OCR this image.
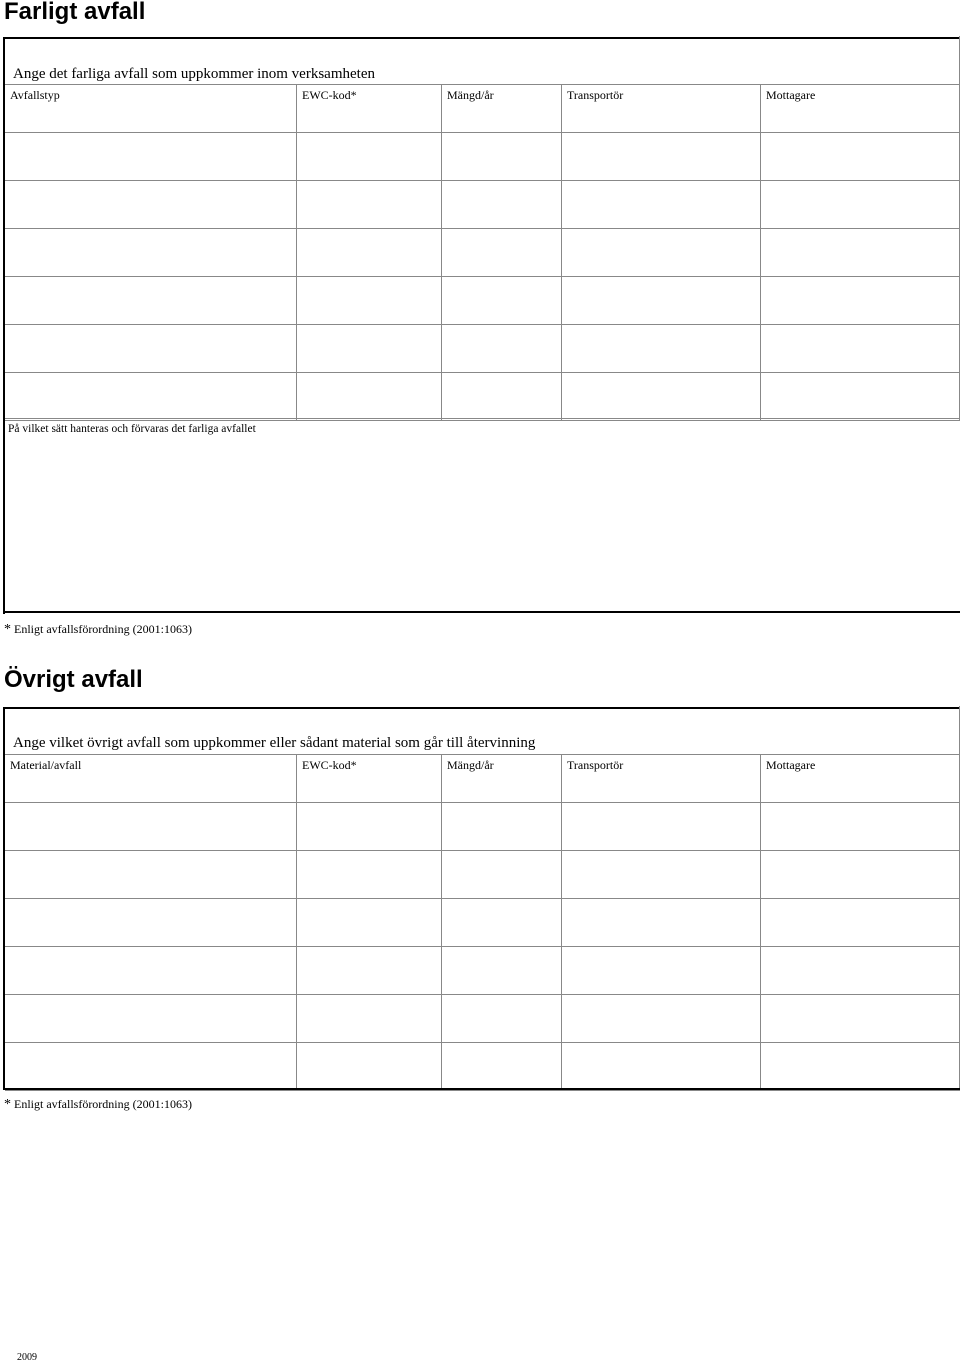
Farligt avfall
Ange det farliga avfall som uppkommer inom verksamheten
Avfallstyp	EWC-kod*	Mängd/år	Transportör	Mottagare
På vilket sätt hanteras och förvaras det farliga avfallet
* Enligt avfallsförordning (2001:1063)
Övrigt avfall
Ange vilket övrigt avfall som uppkommer eller sådant material som går till återvinning
Material/avfall	EWC-kod*	Mängd/år	Transportör	Mottagare
* Enligt avfallsförordning (2001:1063)
2009
